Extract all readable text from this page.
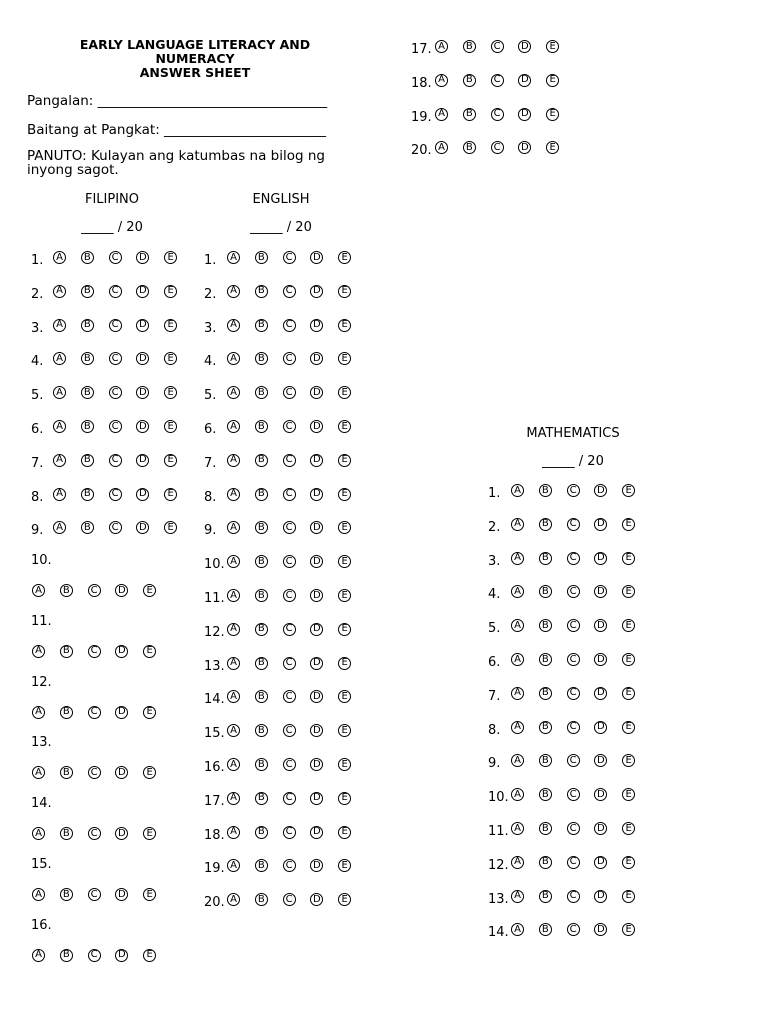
EARLY LANGUAGE LITERACY AND
NUMERACY
ANSWER SHEET
Pangalan: __________________________________
Baitang at Pangkat: ________________________
PANUTO: Kulayan ang katumbas na bilog ng inyong sagot.
FILIPINO
_____ / 20
ENGLISH
_____ / 20
MATHEMATICS
_____ / 20
1.	A	B	C	D	E
2.	A	B	C	D	E
3.	A	B	C	D	E
4.	A	B	C	D	E
5.	A	B	C	D	E
6.	A	B	C	D	E
7.	A	B	C	D	E
8.	A	B	C	D	E
9.	A	B	C	D	E
10.
A	B	C	D	E
11.
A	B	C	D	E
12.
A	B	C	D	E
13.
A	B	C	D	E
14.
A	B	C	D	E
15.
A	B	C	D	E
16.
A	B	C	D	E
1.	A	B	C	D	E
2.	A	B	C	D	E
3.	A	B	C	D	E
4.	A	B	C	D	E
5.	A	B	C	D	E
6.	A	B	C	D	E
7.	A	B	C	D	E
8.	A	B	C	D	E
9.	A	B	C	D	E
10. A	B	C	D	E
11. A	B	C	D	E
12. A	B	C	D	E
13. A	B	C	D	E
14. A	B	C	D	E
15. A	B	C	D	E
16. A	B	C	D	E
17. A	B	C	D	E
18. A	B	C	D	E
19. A	B	C	D	E
20. A	B	C	D	E
17. A	B	C	D	E
18. A	B	C	D	E
19. A	B	C	D	E
20. A	B	C	D	E
1.	A	B	C	D	E
2.	A	B	C	D	E
3.	A	B	C	D	E
4.	A	B	C	D	E
5.	A	B	C	D	E
6.	A	B	C	D	E
7.	A	B	C	D	E
8.	A	B	C	D	E
9.	A	B	C	D	E
10. A	B	C	D	E
11. A	B	C	D	E
12. A	B	C	D	E
13. A	B	C	D	E
14. A	B	C	D	E
